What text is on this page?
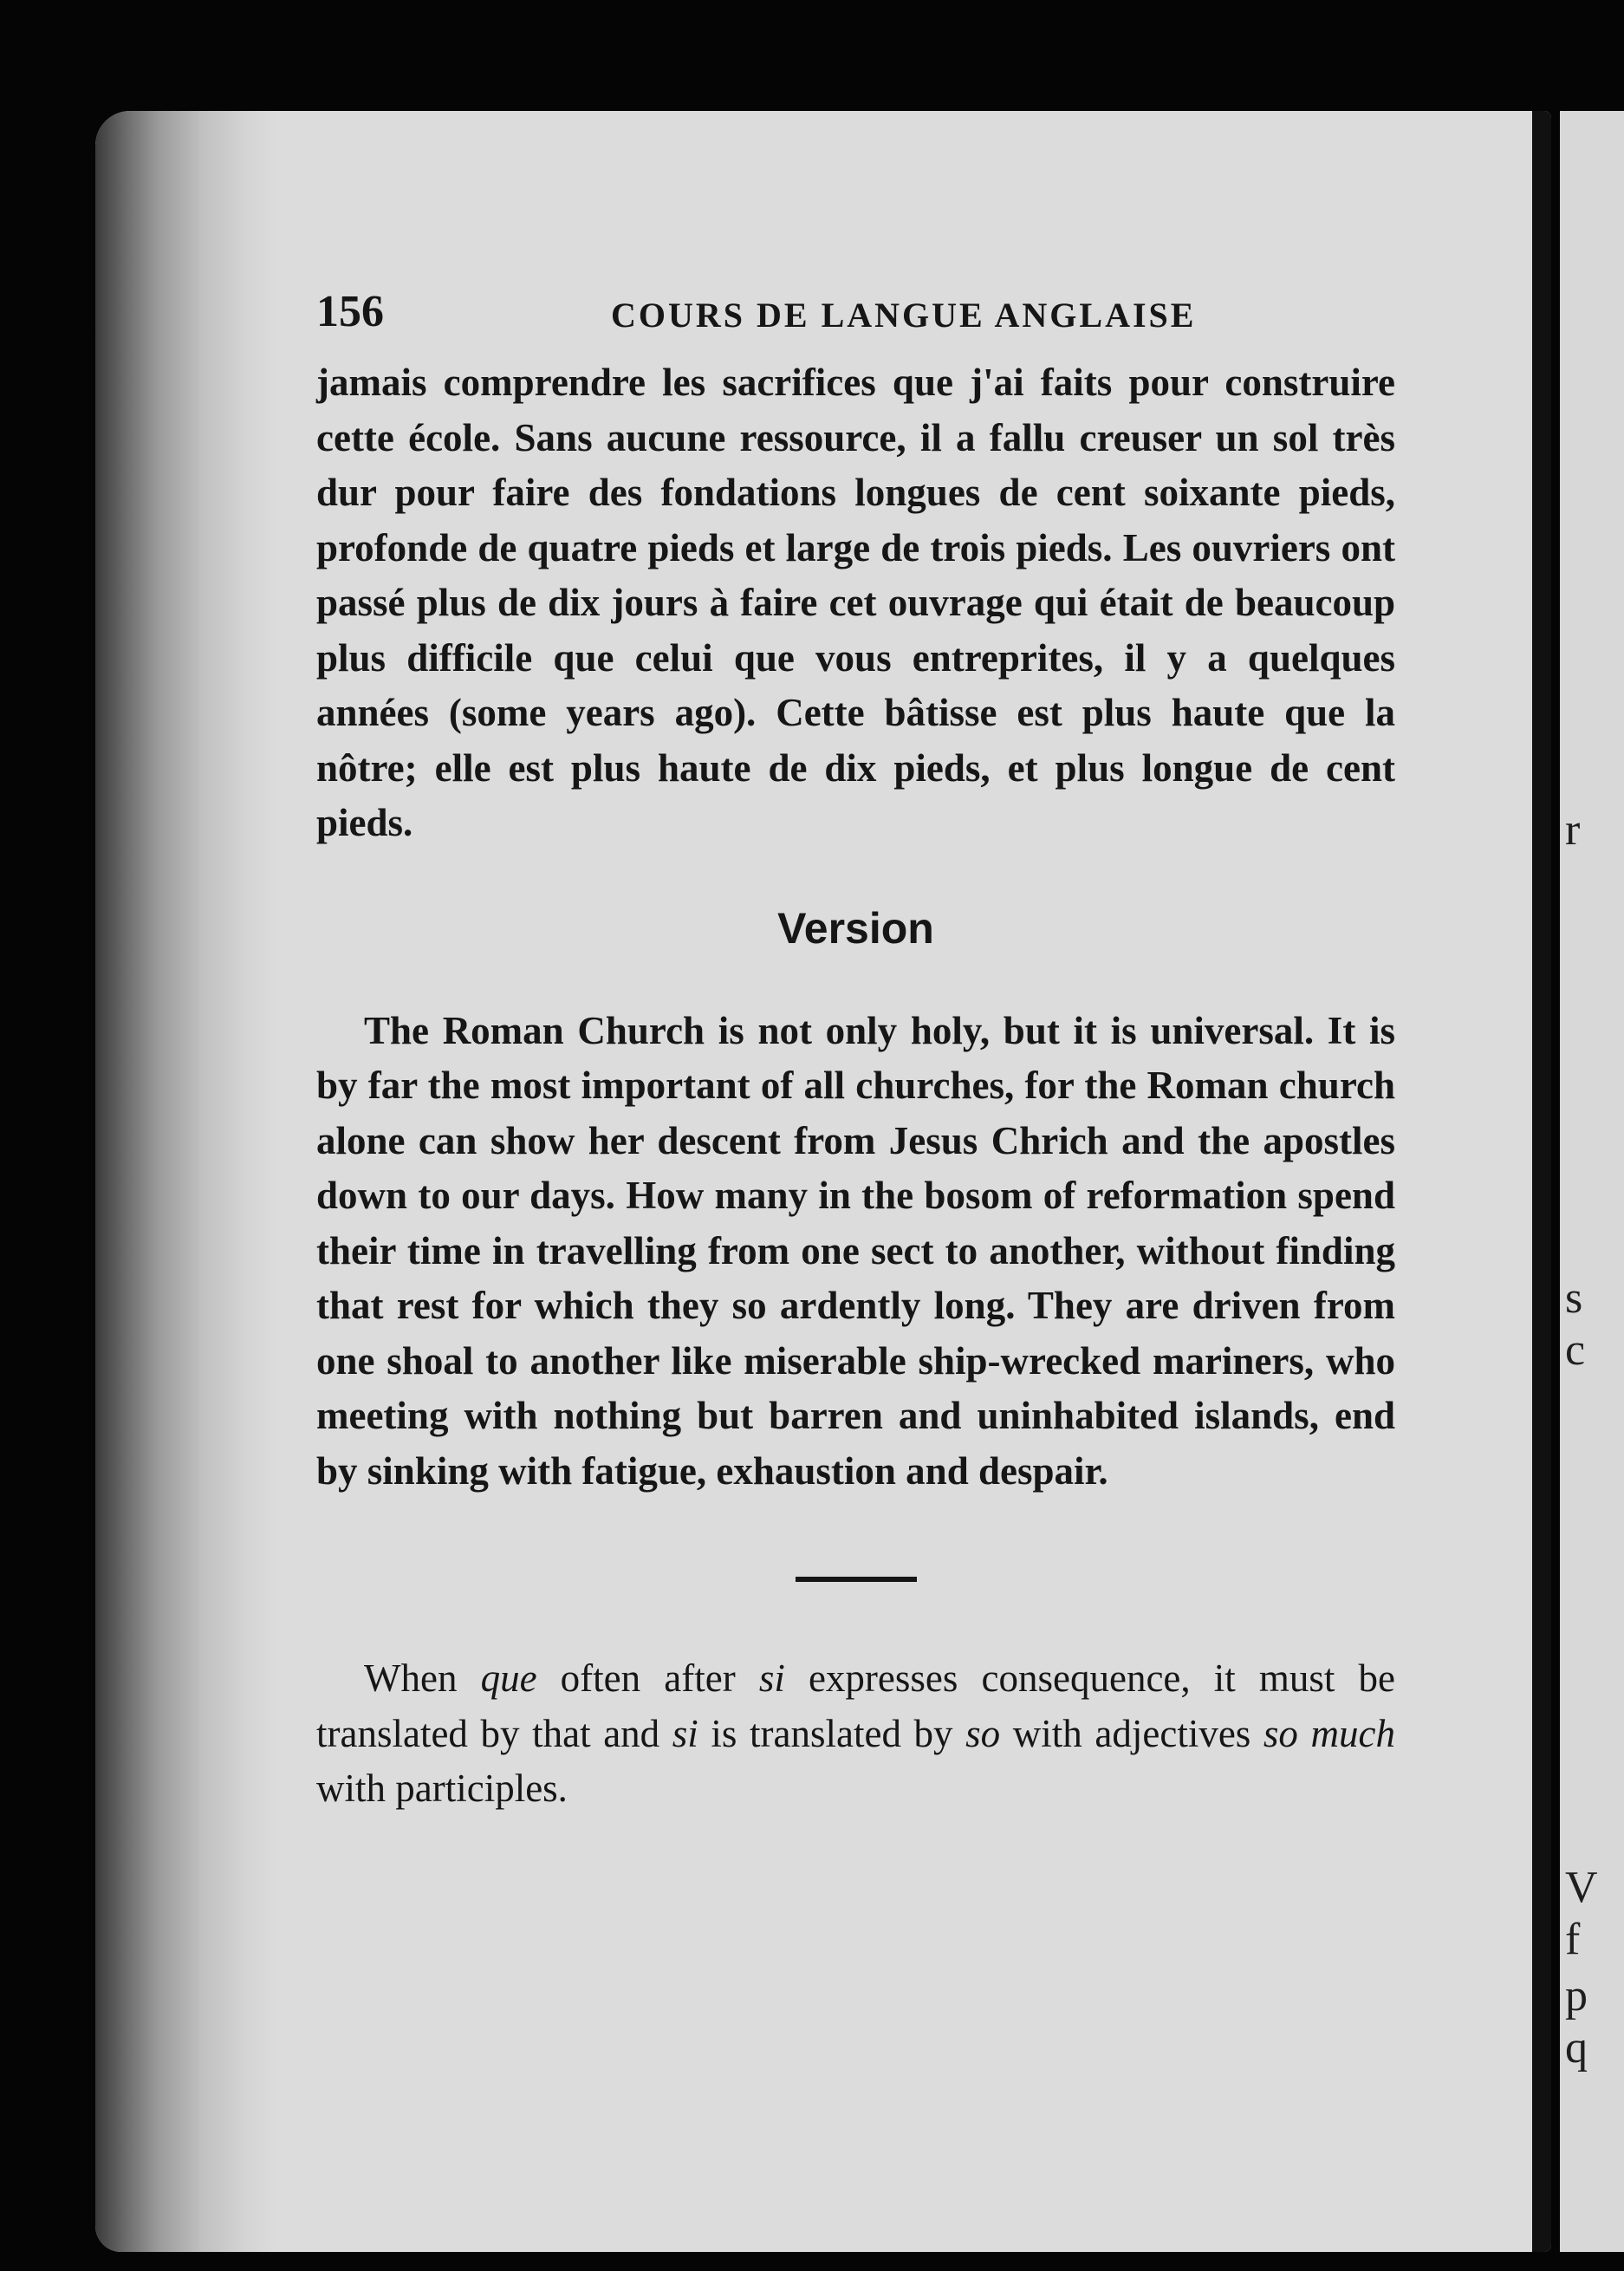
r
s
c
V
f
p
q
156	COURS DE LANGUE ANGLAISE

jamais comprendre les sacrifices que j'ai faits pour construire cette école. Sans aucune ressource, il a fallu creuser un sol très dur pour faire des fondations longues de cent soixante pieds, profonde de quatre pieds et large de trois pieds. Les ouvriers ont passé plus de dix jours à faire cet ouvrage qui était de beaucoup plus difficile que celui que vous entreprites, il y a quelques années (some years ago). Cette bâtisse est plus haute que la nôtre; elle est plus haute de dix pieds, et plus longue de cent pieds.

Version

The Roman Church is not only holy, but it is universal. It is by far the most important of all churches, for the Roman church alone can show her descent from Jesus Chrich and the apostles down to our days. How many in the bosom of reformation spend their time in travelling from one sect to another, without finding that rest for which they so ardently long. They are driven from one shoal to another like miserable ship-wrecked mariners, who meeting with nothing but barren and uninhabited islands, end by sinking with fatigue, exhaustion and despair.

When que often after si expresses consequence, it must be translated by that and si is translated by so with adjectives so much with participles.
